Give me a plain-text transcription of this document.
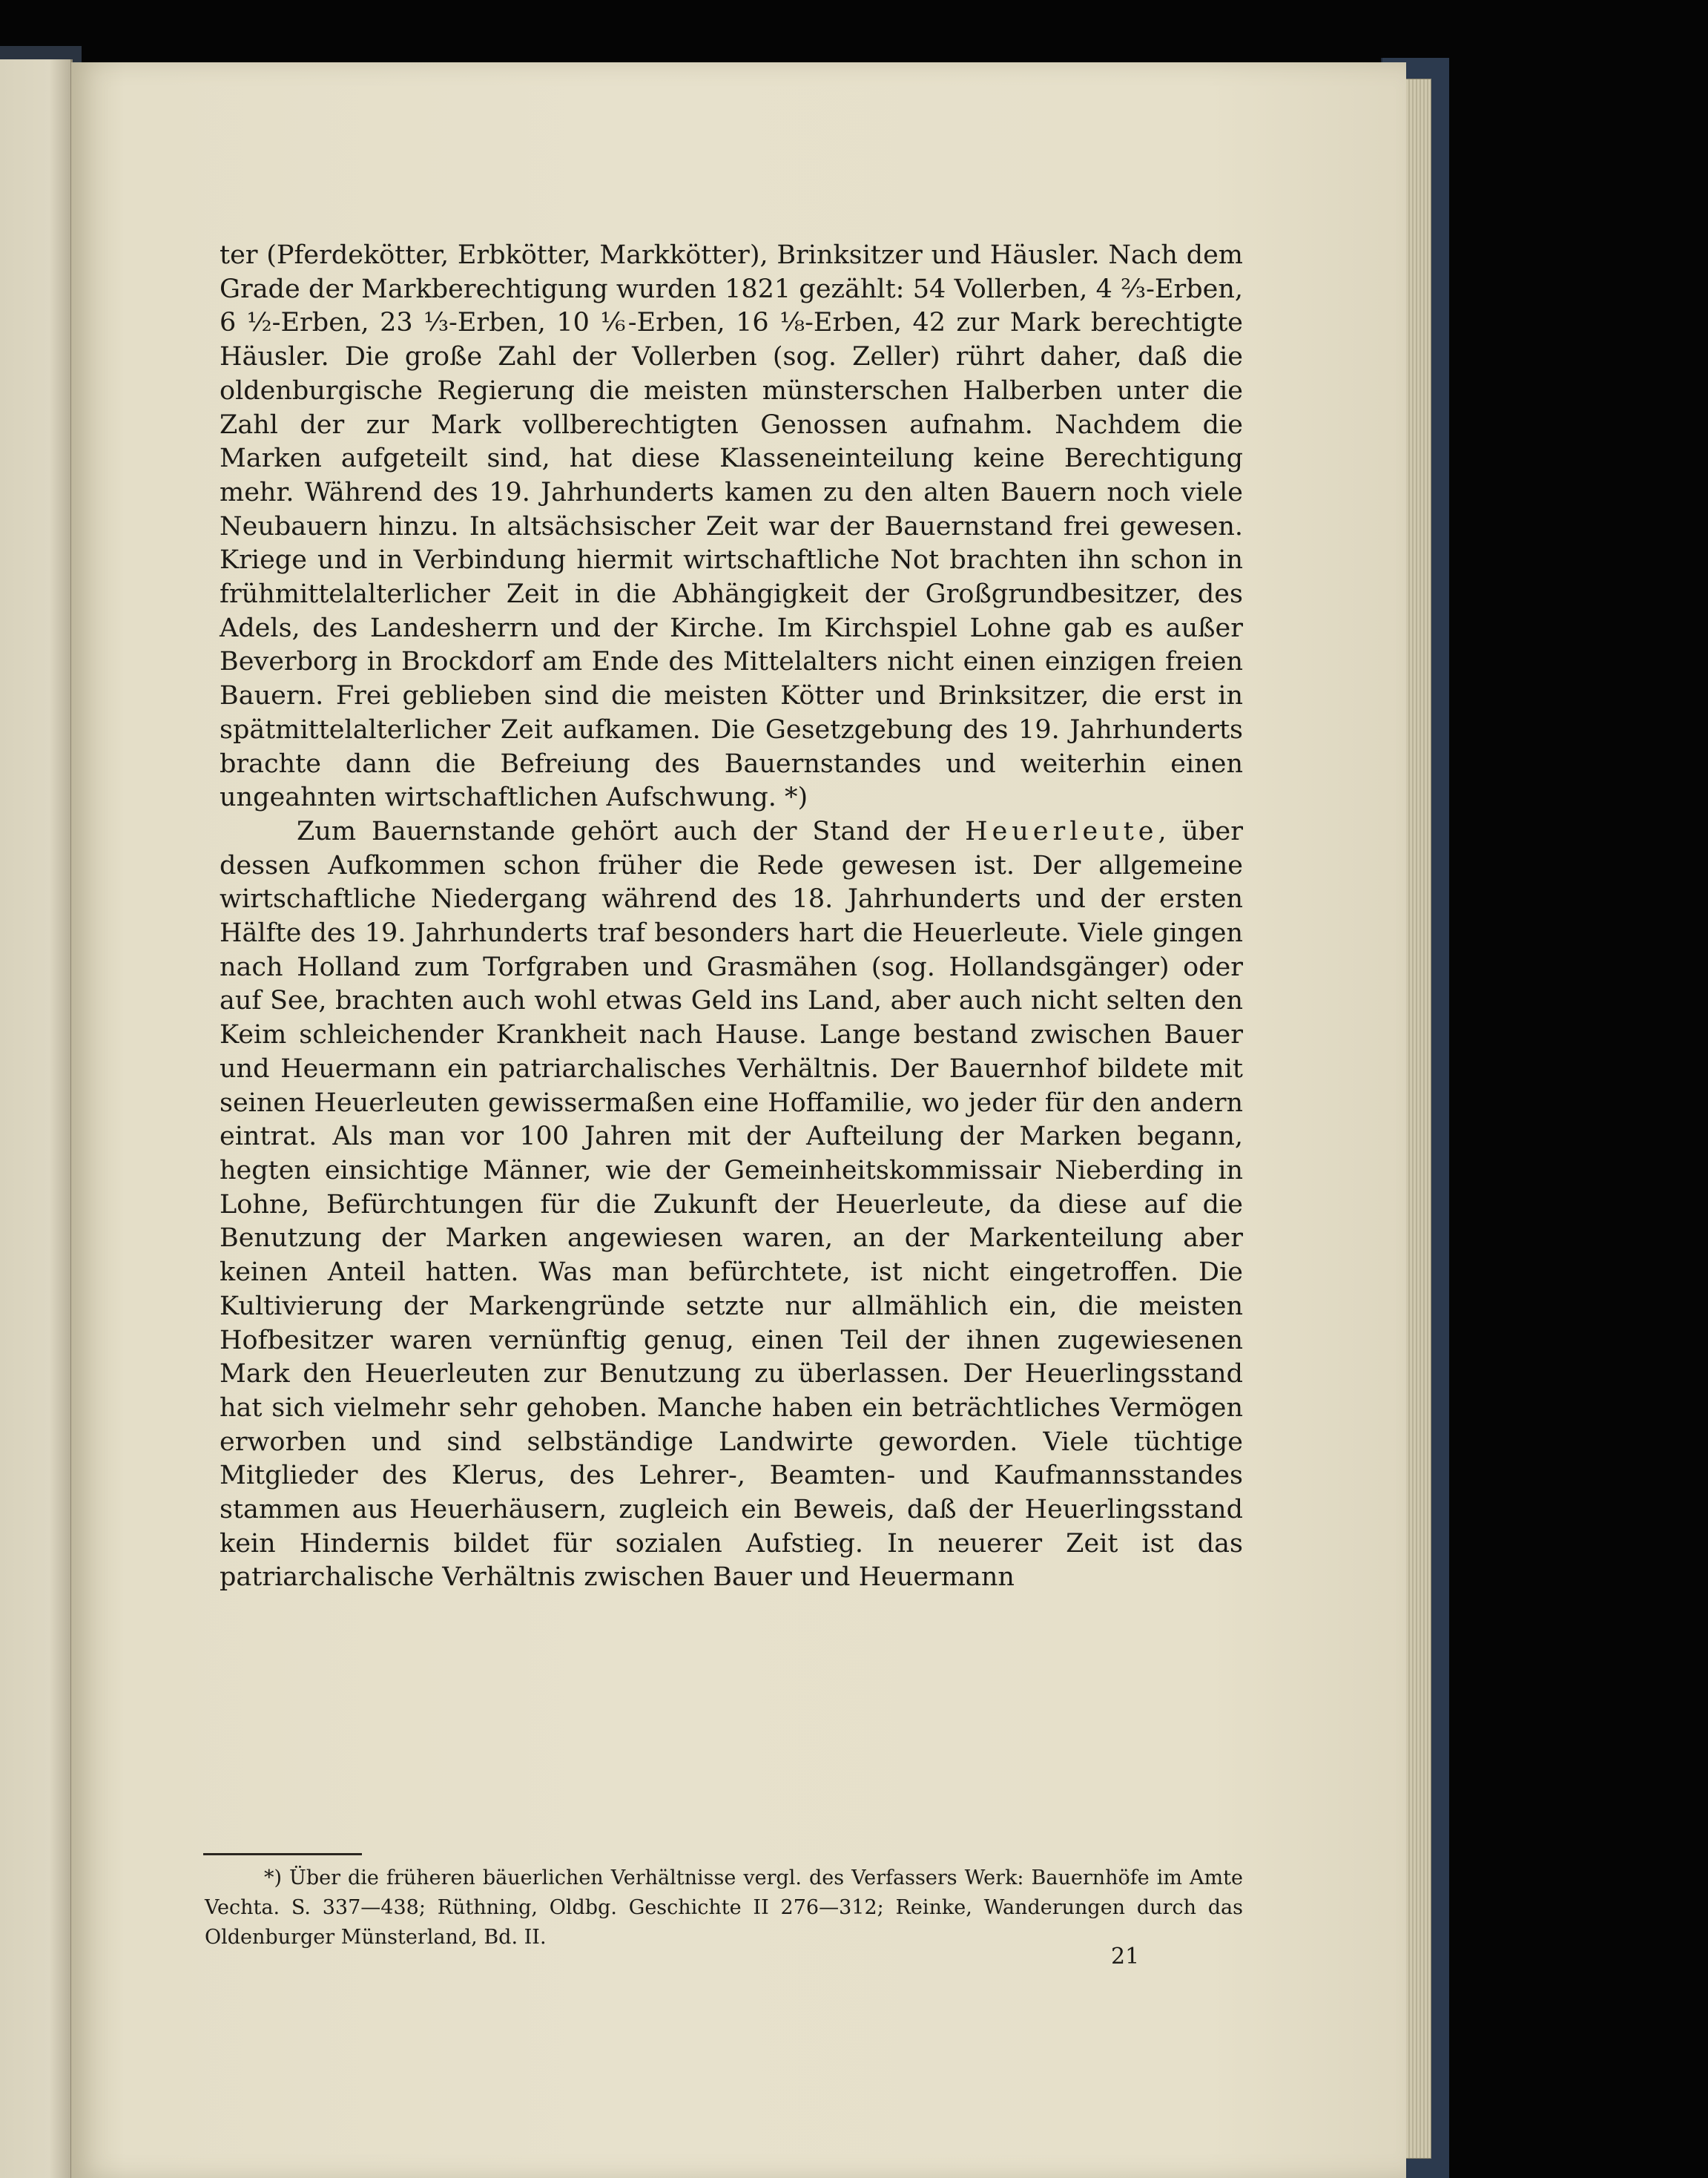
ter (Pferdekötter, Erbkötter, Markkötter), Brinksitzer und Häusler. Nach dem Grade der Markberechtigung wurden 1821 gezählt: 54 Vollerben, 4 ⅔-Erben, 6 ½-Erben, 23 ⅓-Erben, 10 ⅙-Erben, 16 ⅛-Erben, 42 zur Mark berechtigte Häusler. Die große Zahl der Vollerben (sog. Zeller) rührt daher, daß die oldenburgische Regierung die meisten münsterschen Halberben unter die Zahl der zur Mark vollberechtigten Genossen aufnahm. Nachdem die Marken aufgeteilt sind, hat diese Klasseneinteilung keine Berechtigung mehr. Während des 19. Jahrhunderts kamen zu den alten Bauern noch viele Neubauern hinzu. In altsächsischer Zeit war der Bauernstand frei gewesen. Kriege und in Verbindung hiermit wirtschaftliche Not brachten ihn schon in frühmittelalterlicher Zeit in die Abhängigkeit der Großgrundbesitzer, des Adels, des Landesherrn und der Kirche. Im Kirchspiel Lohne gab es außer Beverborg in Brockdorf am Ende des Mittelalters nicht einen einzigen freien Bauern. Frei geblieben sind die meisten Kötter und Brinksitzer, die erst in spätmittelalterlicher Zeit aufkamen. Die Gesetzgebung des 19. Jahrhunderts brachte dann die Befreiung des Bauernstandes und weiterhin einen ungeahnten wirtschaftlichen Aufschwung. *)

Zum Bauernstande gehört auch der Stand der Heuerleute, über dessen Aufkommen schon früher die Rede gewesen ist. Der allgemeine wirtschaftliche Niedergang während des 18. Jahrhunderts und der ersten Hälfte des 19. Jahrhunderts traf besonders hart die Heuerleute. Viele gingen nach Holland zum Torfgraben und Grasmähen (sog. Hollandsgänger) oder auf See, brachten auch wohl etwas Geld ins Land, aber auch nicht selten den Keim schleichender Krankheit nach Hause. Lange bestand zwischen Bauer und Heuermann ein patriarchalisches Verhältnis. Der Bauernhof bildete mit seinen Heuerleuten gewissermaßen eine Hoffamilie, wo jeder für den andern eintrat. Als man vor 100 Jahren mit der Aufteilung der Marken begann, hegten einsichtige Männer, wie der Gemeinheitskommissair Nieberding in Lohne, Befürchtungen für die Zukunft der Heuerleute, da diese auf die Benutzung der Marken angewiesen waren, an der Markenteilung aber keinen Anteil hatten. Was man befürchtete, ist nicht eingetroffen. Die Kultivierung der Markengründe setzte nur allmählich ein, die meisten Hofbesitzer waren vernünftig genug, einen Teil der ihnen zugewiesenen Mark den Heuerleuten zur Benutzung zu überlassen. Der Heuerlingsstand hat sich vielmehr sehr gehoben. Manche haben ein beträchtliches Vermögen erworben und sind selbständige Landwirte geworden. Viele tüchtige Mitglieder des Klerus, des Lehrer-, Beamten- und Kaufmannsstandes stammen aus Heuerhäusern, zugleich ein Beweis, daß der Heuerlingsstand kein Hindernis bildet für sozialen Aufstieg. In neuerer Zeit ist das patriarchalische Verhältnis zwischen Bauer und Heuermann

*) Über die früheren bäuerlichen Verhältnisse vergl. des Verfassers Werk: Bauernhöfe im Amte Vechta. S. 337—438; Rüthning, Oldbg. Geschichte II 276—312; Reinke, Wanderungen durch das Oldenburger Münsterland, Bd. II.

21
